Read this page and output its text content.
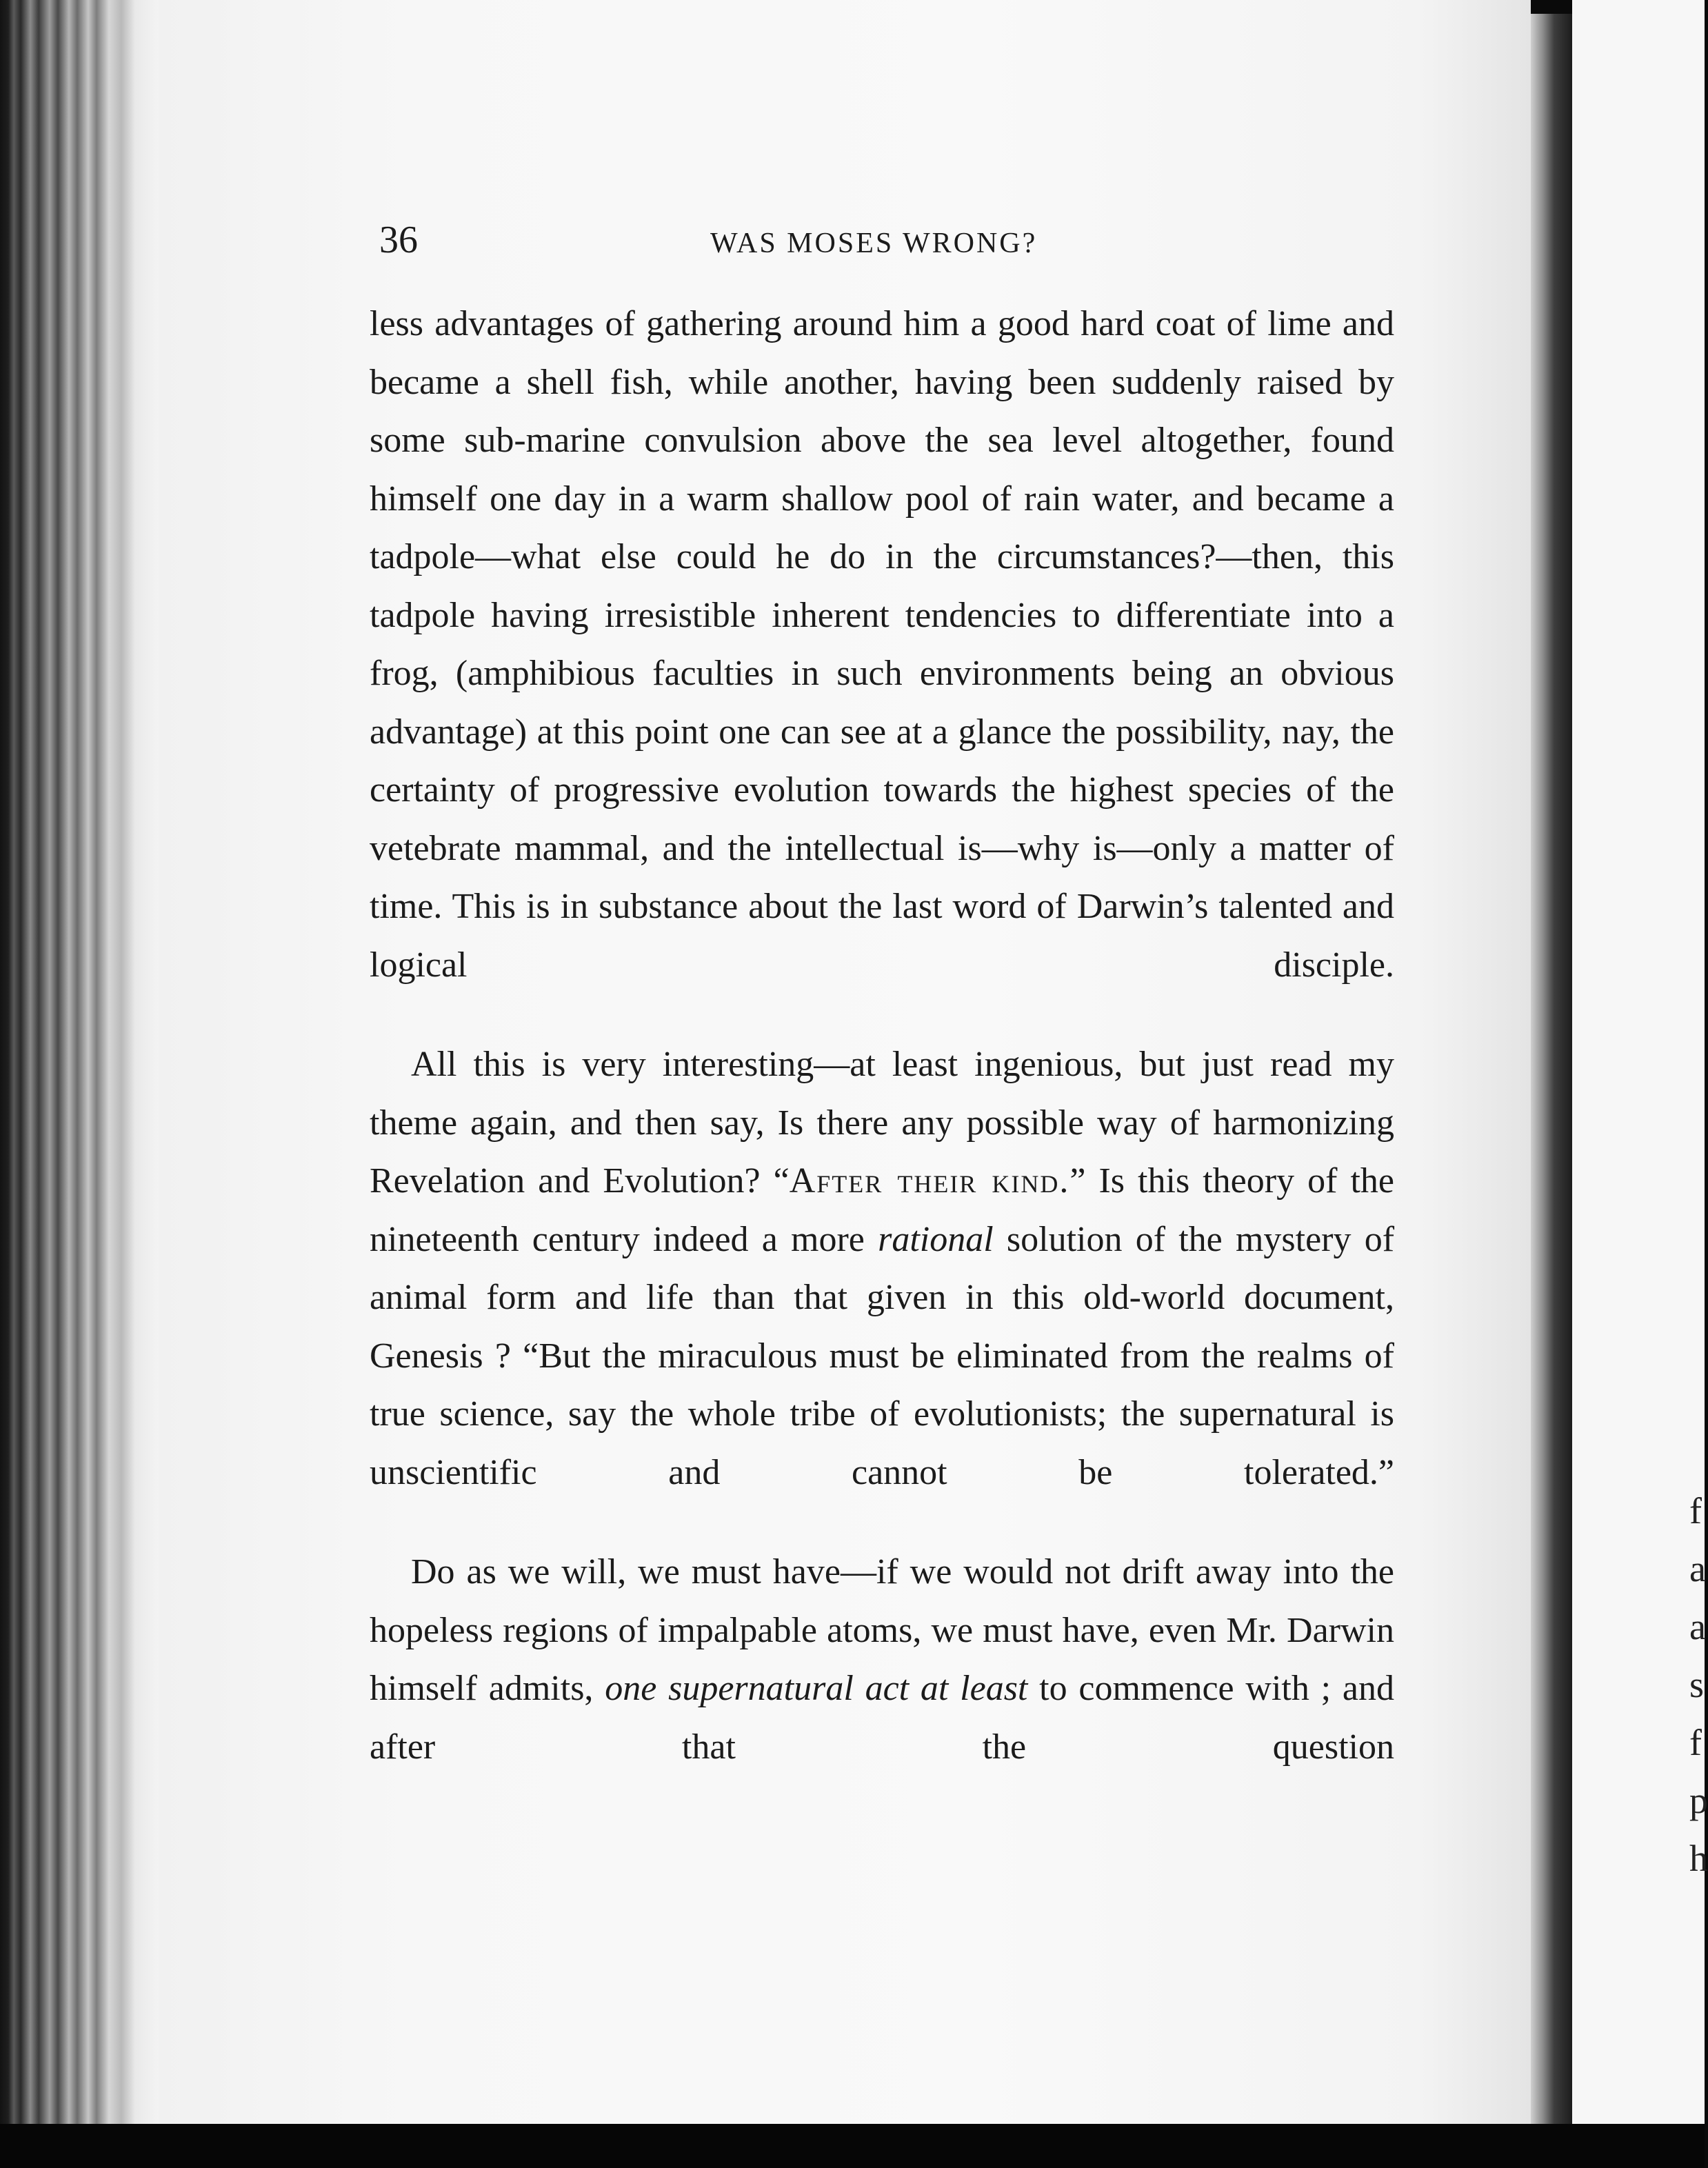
f
a
a
s
f
p
h
36	WAS MOSES WRONG?

less advantages of gathering around him a good hard coat of lime and became a shell fish, while another, having been suddenly raised by some sub-marine convulsion above the sea level altogether, found himself one day in a warm shallow pool of rain water, and became a tadpole—what else could he do in the circumstances?—then, this tadpole having irresistible inherent tendencies to differentiate into a frog, (amphibious faculties in such environments being an obvious advantage) at this point one can see at a glance the possibility, nay, the certainty of progressive evolution towards the highest species of the vetebrate mammal, and the intellectual is—why is—only a matter of time. This is in substance about the last word of Darwin’s talented and logical disciple.

All this is very interesting—at least ingenious, but just read my theme again, and then say, Is there any possible way of harmonizing Revelation and Evolution? “After their kind.” Is this theory of the nineteenth century indeed a more rational solution of the mystery of animal form and life than that given in this old-world document, Genesis ? “But the miraculous must be eliminated from the realms of true science, say the whole tribe of evolutionists; the supernatural is unscientific and cannot be tolerated.”

Do as we will, we must have—if we would not drift away into the hopeless regions of impalpable atoms, we must have, even Mr. Darwin himself admits, one supernatural act at least to commence with ; and after that the question
